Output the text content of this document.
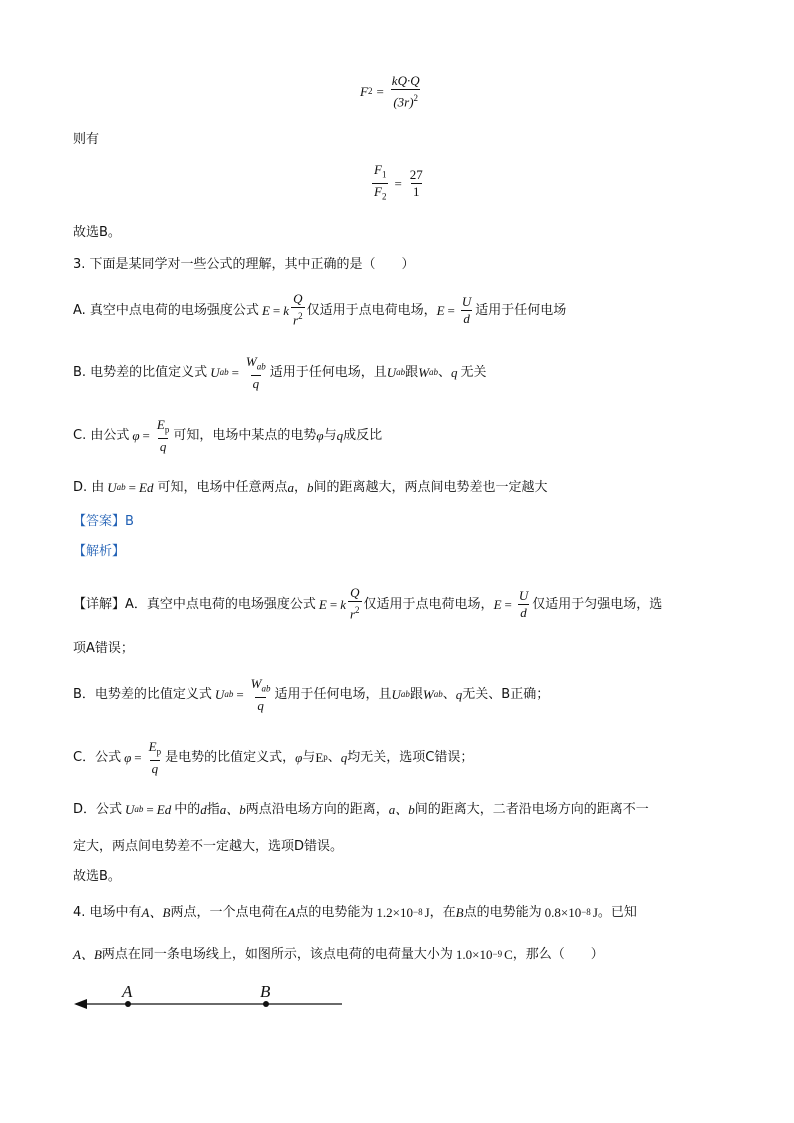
F $2 = \frac{kQ\cdot Q}{(3r)^2}$
则有
$\frac{F_1}{F_2} = \frac{27}{1}$
故选B。
3. 下面是某同学对一些公式的理解，其中正确的是（　　）
A. 真空中点电荷的电场强度公式 E = k $\frac{Q}{r^2}$ 仅适用于点电荷电场， $E = \frac{U}{d}$ 适用于任何电场
B. 电势差的比值定义式 U ab = $\frac{W_{ab}}{q}$ 适用于任何电场，且 U ab 跟 W ab 、 q 无关
C. 由公式 $\varphi = \frac{E_p}{q}$ 可知，电场中某点的电势 φ 与 q 成反比
D. 由 U ab = Ed 可知，电场中任意两点 a ， b 间的距离越大，两点间电势差也一定越大
【答案】B
【解析】
【详解】A．真空中点电荷的电场强度公式 E = k $\frac{Q}{r^2}$ 仅适用于点电荷电场， $E = \frac{U}{d}$ 仅适用于匀强电场，选
项A错误；
B．电势差的比值定义式 U ab = $\frac{W_{ab}}{q}$ 适用于任何电场，且 U ab 跟 W ab 、 q 无关、B正确；
C．公式 $\varphi = \frac{E_p}{q}$ 是电势的比值定义式， φ 与 E p 、 q 均无关，选项C错误；
D．公式 U ab = Ed 中的 d 指 a、b 两点沿电场方向的距离， a、b 间的距离大，二者沿电场方向的距离不一
定大，两点间电势差不一定越大，选项D错误。
故选B。
4. 电场中有 A、B 两点，一个点电荷在 A 点的电势能为 1.2×10 −8 J ，在 B 点的电势能为 0.8×10 −8 J 。已知
A、B 两点在同一条电场线上，如图所示，该点电荷的电荷量大小为 1.0×10 −9 C ，那么（　　）
A	B
